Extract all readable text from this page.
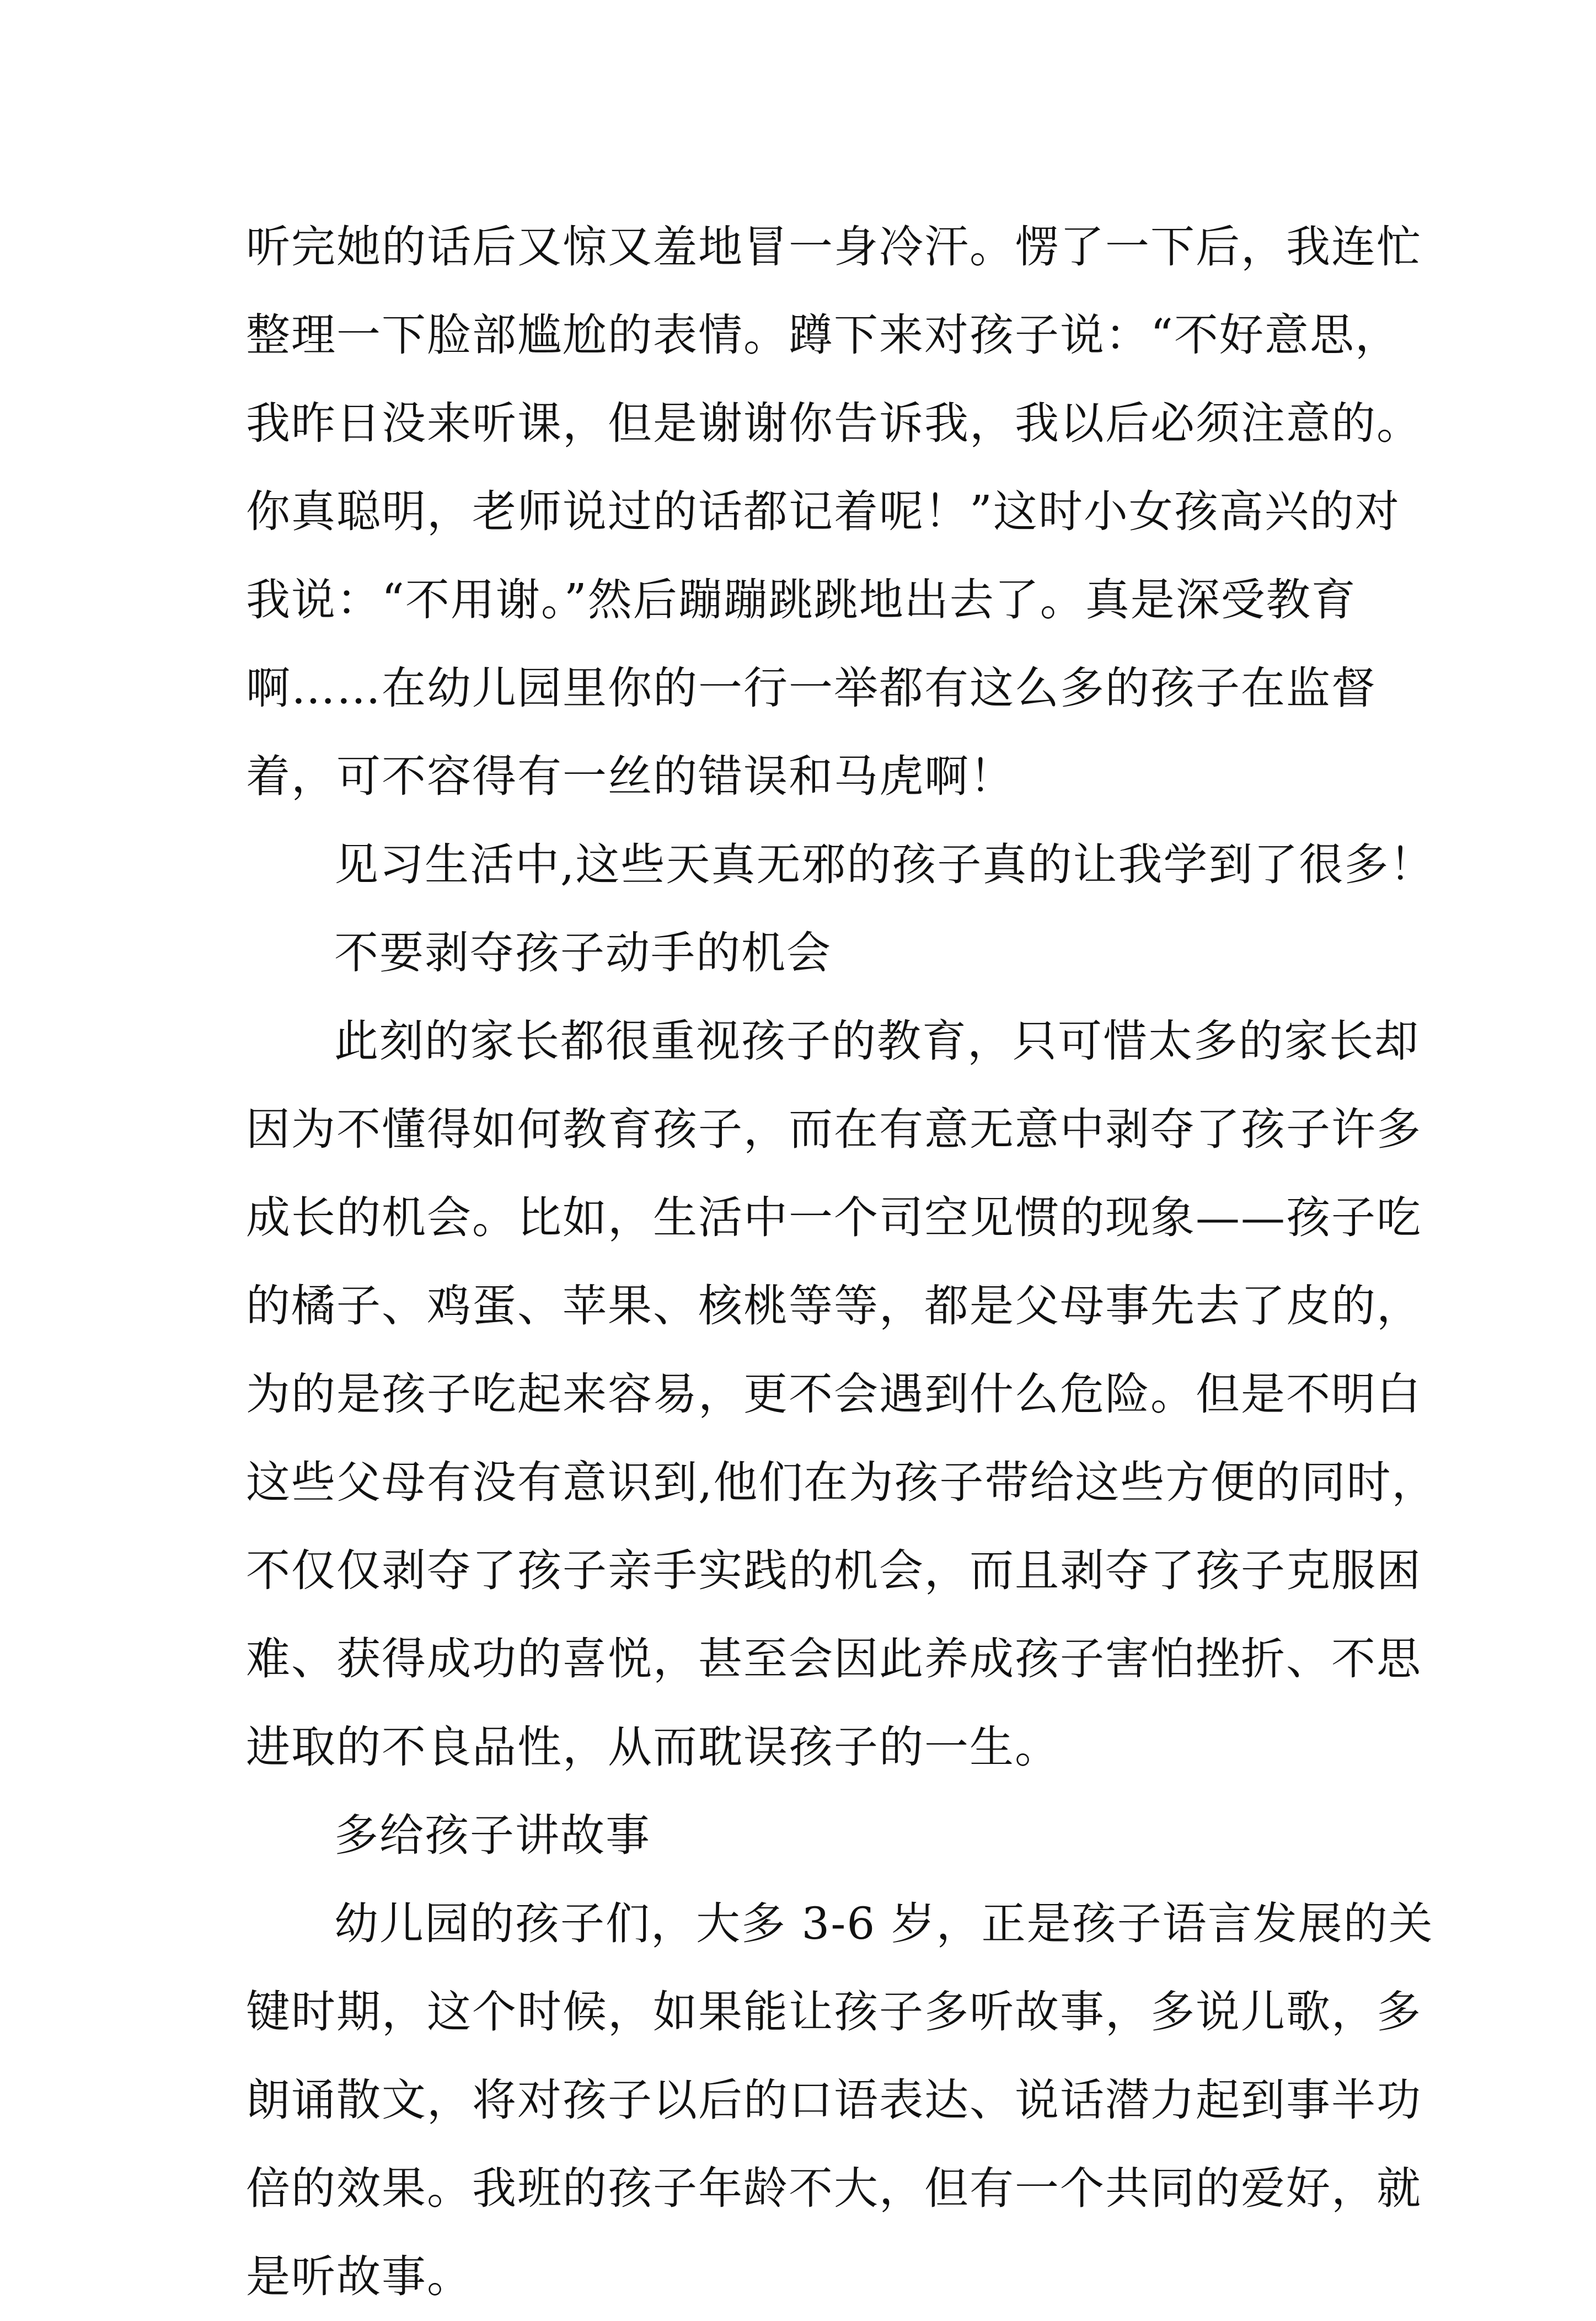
听完她的话后又惊又羞地冒一身冷汗。愣了一下后，我连忙
整理一下脸部尴尬的表情。蹲下来对孩子说：“不好意思，
我昨日没来听课，但是谢谢你告诉我，我以后必须注意的。
你真聪明，老师说过的话都记着呢！”这时小女孩高兴的对
我说：“不用谢。”然后蹦蹦跳跳地出去了。真是深受教育
啊……在幼儿园里你的一行一举都有这么多的孩子在监督
着，可不容得有一丝的错误和马虎啊！
见习生活中,这些天真无邪的孩子真的让我学到了很多！
不要剥夺孩子动手的机会
此刻的家长都很重视孩子的教育，只可惜太多的家长却
因为不懂得如何教育孩子，而在有意无意中剥夺了孩子许多
成长的机会。比如，生活中一个司空见惯的现象——孩子吃
的橘子、鸡蛋、苹果、核桃等等，都是父母事先去了皮的，
为的是孩子吃起来容易，更不会遇到什么危险。但是不明白
这些父母有没有意识到,他们在为孩子带给这些方便的同时，
不仅仅剥夺了孩子亲手实践的机会，而且剥夺了孩子克服困
难、获得成功的喜悦，甚至会因此养成孩子害怕挫折、不思
进取的不良品性，从而耽误孩子的一生。
多给孩子讲故事
幼儿园的孩子们，大多 3-6 岁，正是孩子语言发展的关
键时期，这个时候，如果能让孩子多听故事，多说儿歌，多
朗诵散文，将对孩子以后的口语表达、说话潜力起到事半功
倍的效果。我班的孩子年龄不大，但有一个共同的爱好，就
是听故事。
